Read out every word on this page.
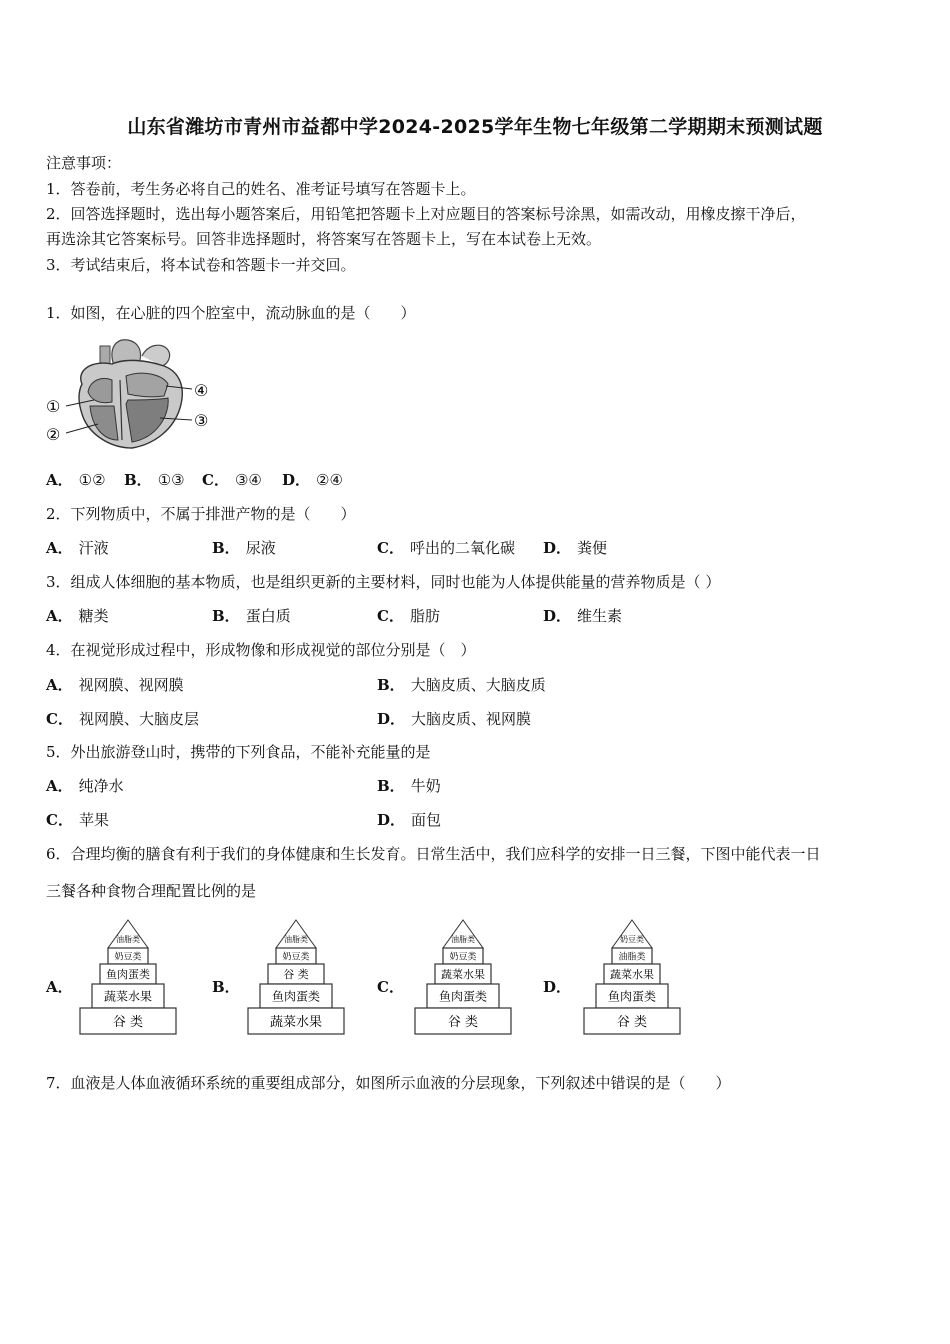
山东省潍坊市青州市益都中学2024-2025学年生物七年级第二学期期末预测试题
注意事项：
1．答卷前，考生务必将自己的姓名、准考证号填写在答题卡上。
2．回答选择题时，选出每小题答案后，用铅笔把答题卡上对应题目的答案标号涂黑，如需改动，用橡皮擦干净后，
再选涂其它答案标号。回答非选择题时，将答案写在答题卡上，写在本试卷上无效。
3．考试结束后，将本试卷和答题卡一并交回。
1．如图，在心脏的四个腔室中，流动脉血的是（　　）
①
②
③
④
A． ①② B． ①③ C． ③④ D． ②④
2．下列物质中，不属于排泄产物的是（　　）
A． 汗液	B． 尿液	C． 呼出的二氧化碳 D． 粪便
3．组成人体细胞的基本物质，也是组织更新的主要材料，同时也能为人体提供能量的营养物质是（ ）
A． 糖类	B． 蛋白质	C． 脂肪	D． 维生素
4．在视觉形成过程中，形成物像和形成视觉的部位分别是（　）
A． 视网膜、视网膜	B． 大脑皮质、大脑皮质
C． 视网膜、大脑皮层	D． 大脑皮质、视网膜
5．外出旅游登山时，携带的下列食品，不能补充能量的是
A． 纯净水	B． 牛奶
C． 苹果	D． 面包
6．合理均衡的膳食有利于我们的身体健康和生长发育。日常生活中，我们应科学的安排一日三餐，下图中能代表一日
三餐各种食物合理配置比例的是
A．
油脂类
奶豆类
鱼肉蛋类
蔬菜水果
谷 类
B．
油脂类
奶豆类
谷 类
鱼肉蛋类
蔬菜水果
C．
油脂类
奶豆类
蔬菜水果
鱼肉蛋类
谷 类
D．
奶豆类
油脂类
蔬菜水果
鱼肉蛋类
谷 类
7．血液是人体血液循环系统的重要组成部分，如图所示血液的分层现象，下列叙述中错误的是（　　）
